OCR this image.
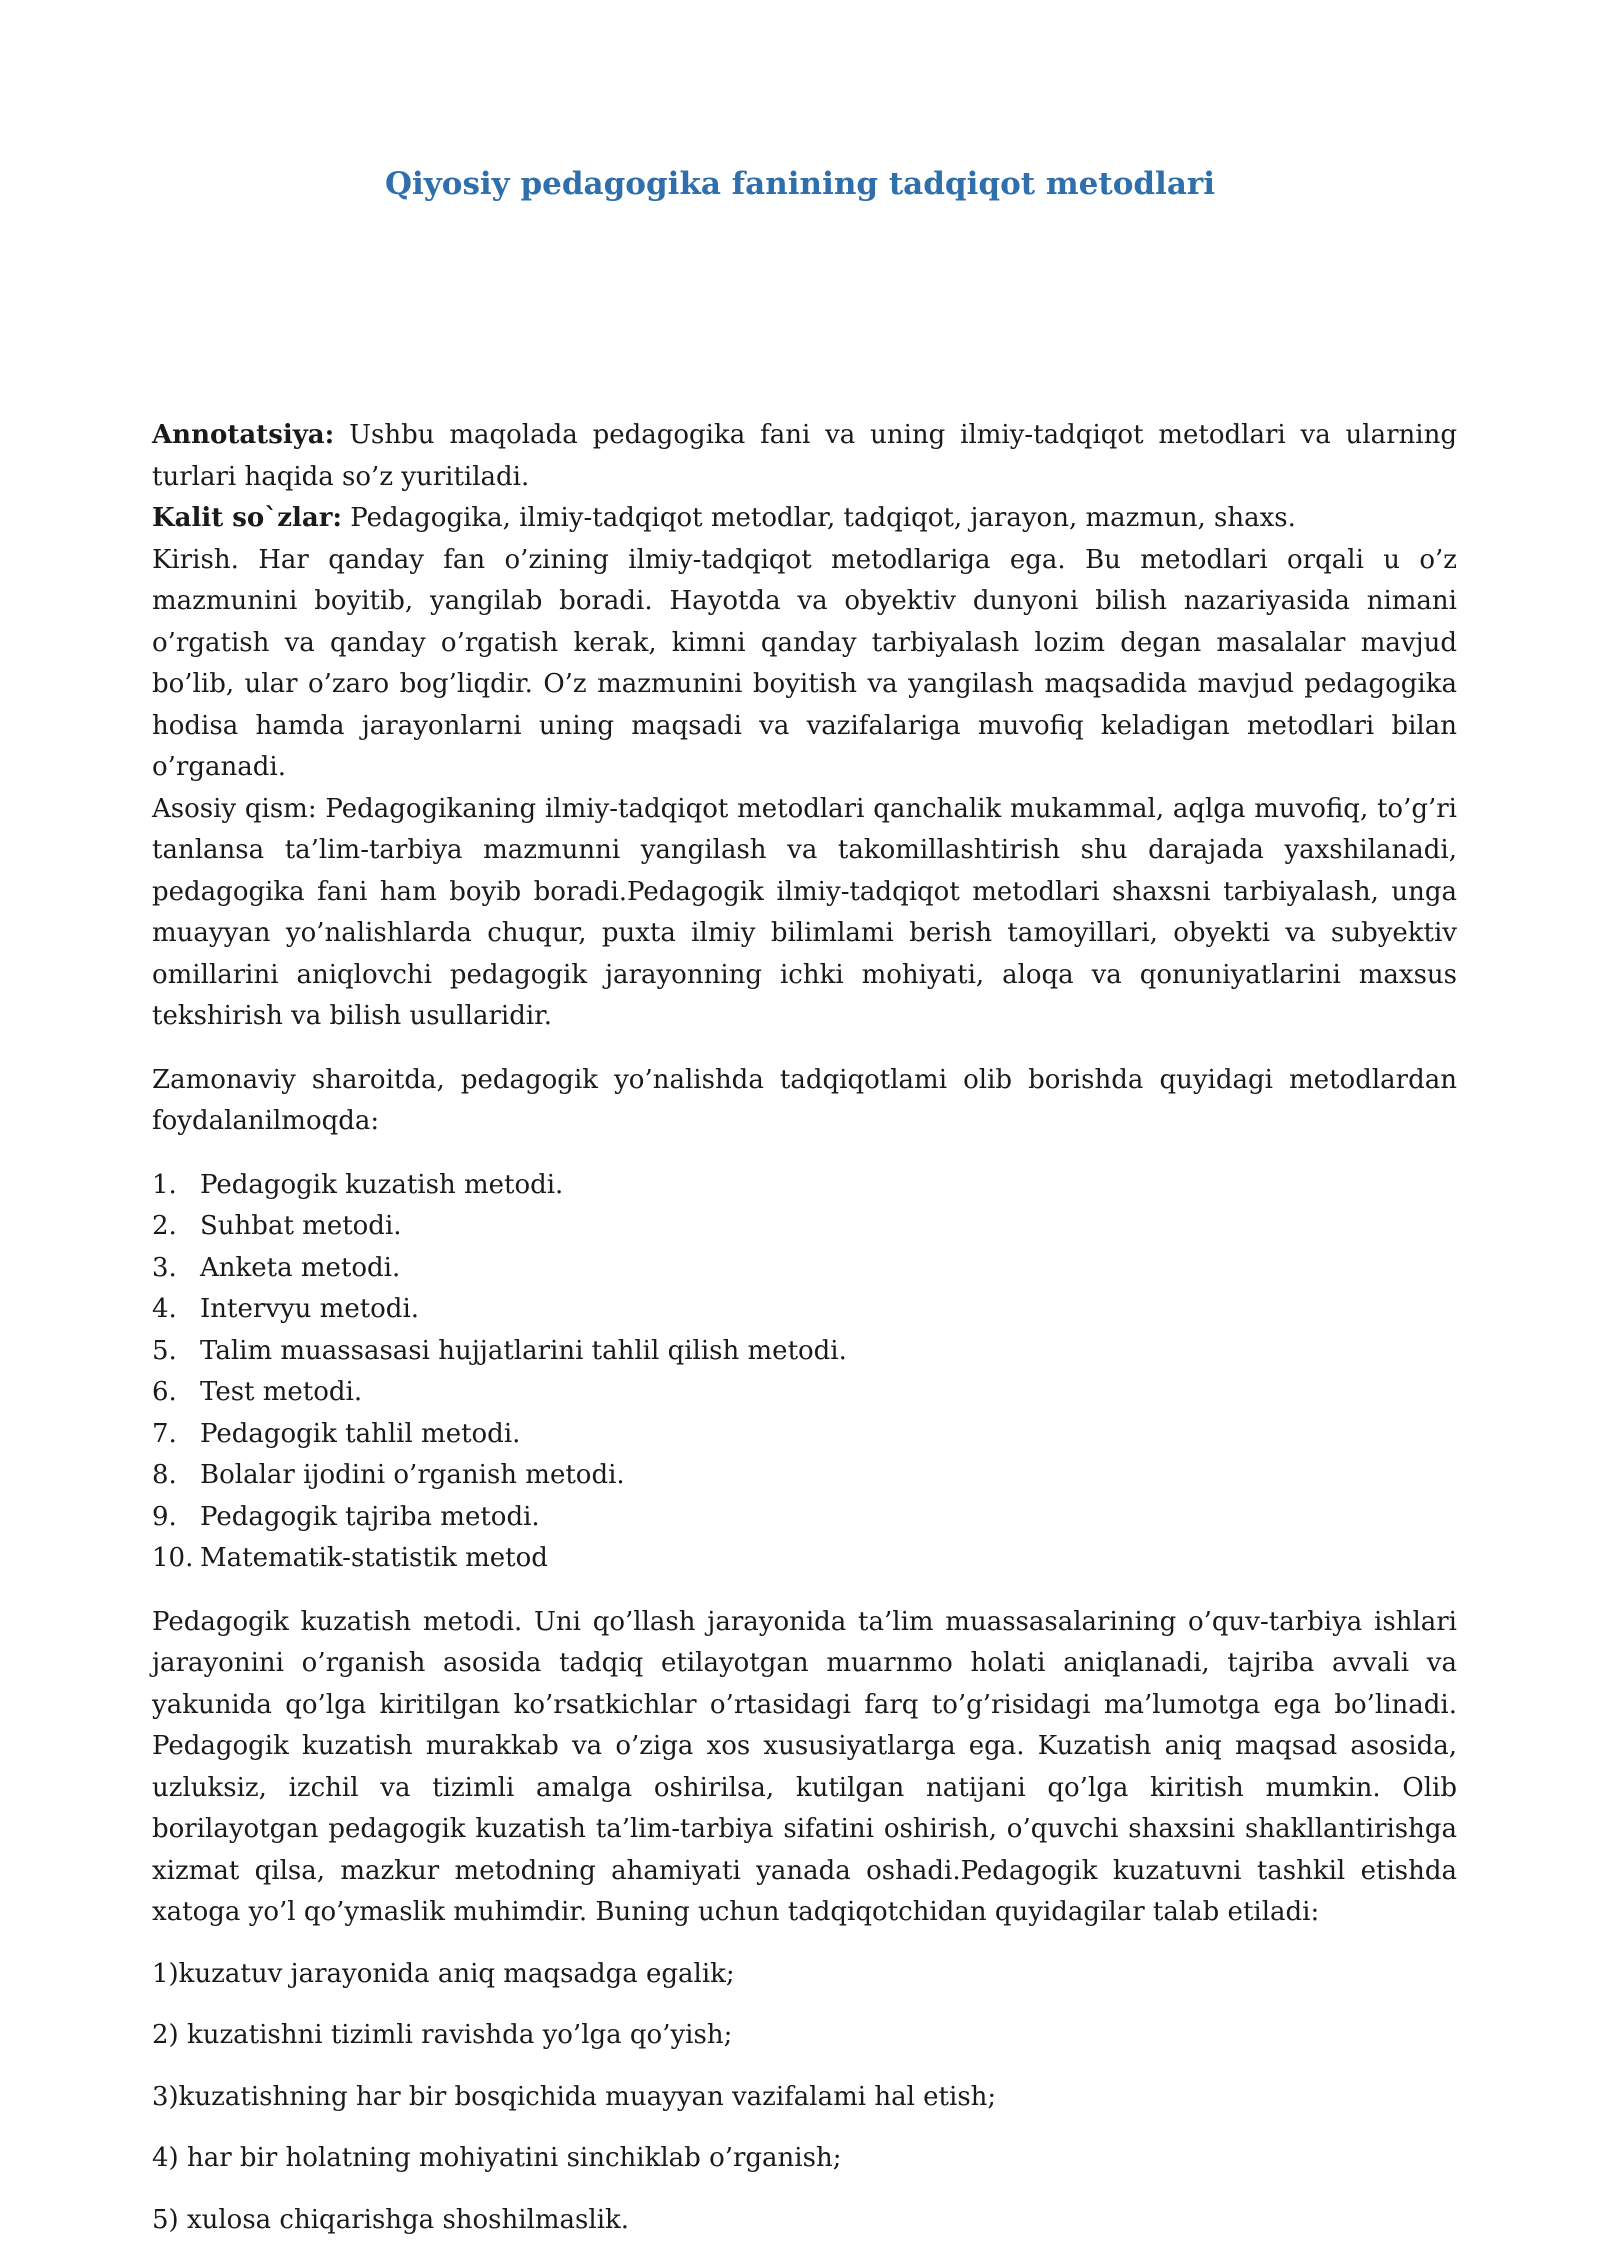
Qiyosiy pedagogika fanining tadqiqot metodlari

Annotatsiya: Ushbu maqolada pedagogika fani va uning ilmiy-tadqiqot metodlari va ularning turlari haqida so’z yuritiladi.

Kalit so`zlar: Pedagogika, ilmiy-tadqiqot metodlar, tadqiqot, jarayon, mazmun, shaxs.

Kirish. Har qanday fan o’zining ilmiy-tadqiqot metodlariga ega. Bu metodlari orqali u o’z mazmunini boyitib, yangilab boradi. Hayotda va obyektiv dunyoni bilish nazariyasida nimani o’rgatish va qanday o’rgatish kerak, kimni qanday tarbiyalash lozim degan masalalar mavjud bo’lib, ular o’zaro bog’liqdir. O’z mazmunini boyitish va yangilash maqsadida mavjud pedagogika hodisa hamda jarayonlarni uning maqsadi va vazifalariga muvofiq keladigan metodlari bilan o’rganadi.

Asosiy qism: Pedagogikaning ilmiy-tadqiqot metodlari qanchalik mukammal, aqlga muvofiq, to’g’ri tanlansa ta’lim-tarbiya mazmunni yangilash va takomillashtirish shu darajada yaxshilanadi, pedagogika fani ham boyib boradi.Pedagogik ilmiy-tadqiqot metodlari shaxsni tarbiyalash, unga muayyan yo’nalishlarda chuqur, puxta ilmiy bilimlami berish tamoyillari, obyekti va subyektiv omillarini aniqlovchi pedagogik jarayonning ichki mohiyati, aloqa va qonuniyatlarini maxsus tekshirish va bilish usullaridir.

Zamonaviy sharoitda, pedagogik yo’nalishda tadqiqotlami olib borishda quyidagi metodlardan foydalanilmoqda:

1. Pedagogik kuzatish metodi.
2. Suhbat metodi.
3. Anketa metodi.
4. Intervyu metodi.
5. Talim muassasasi hujjatlarini tahlil qilish metodi.
6. Test metodi.
7. Pedagogik tahlil metodi.
8. Bolalar ijodini o’rganish metodi.
9. Pedagogik tajriba metodi.
10. Matematik-statistik metod

Pedagogik kuzatish metodi. Uni qo’llash jarayonida ta’lim muassasalarining o’quv-tarbiya ishlari jarayonini o’rganish asosida tadqiq etilayotgan muarnmo holati aniqlanadi, tajriba avvali va yakunida qo’lga kiritilgan ko’rsatkichlar o’rtasidagi farq to’g’risidagi ma’lumotga ega bo’linadi. Pedagogik kuzatish murakkab va o’ziga xos xususiyatlarga ega. Kuzatish aniq maqsad asosida, uzluksiz, izchil va tizimli amalga oshirilsa, kutilgan natijani qo’lga kiritish mumkin. Olib borilayotgan pedagogik kuzatish ta’lim-tarbiya sifatini oshirish, o’quvchi shaxsini shakllantirishga xizmat qilsa, mazkur metodning ahamiyati yanada oshadi.Pedagogik kuzatuvni tashkil etishda xatoga yo’l qo’ymaslik muhimdir. Buning uchun tadqiqotchidan quyidagilar talab etiladi:

1)kuzatuv jarayonida aniq maqsadga egalik;

2) kuzatishni tizimli ravishda yo’lga qo’yish;

3)kuzatishning har bir bosqichida muayyan vazifalami hal etish;

4) har bir holatning mohiyatini sinchiklab o’rganish;

5) xulosa chiqarishga shoshilmaslik.
